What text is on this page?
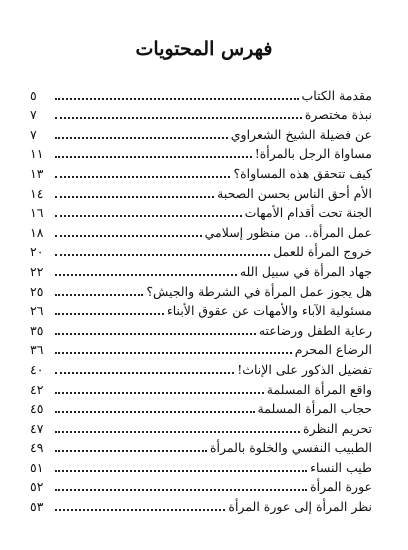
فهرس المحتويات
مقدمة الكتاب
٥
نبذة مختصرة
٧
عن فضيلة الشيخ الشعراوي
٧
مساواة الرجل بالمرأة!
١١
كيف تتحقق هذه المساواة؟
١٣
الأم أحق الناس بحسن الصحبة
١٤
الجنة تحت أقدام الأمهات
١٦
عمل المرأة.. من منظور إسلامي
١٨
خروج المرأة للعمل
٢٠
جهاد المرأة في سبيل الله
٢٢
هل يجوز عمل المرأة في الشرطة والجيش؟
٢٥
مسئولية الآباء والأمهات عن عقوق الأبناء
٢٦
رعاية الطفل ورضاعته
٣٥
الرضاع المحرم
٣٦
تفضيل الذكور على الإناث!
٤٠
واقع المرأة المسلمة
٤٢
حجاب المرأة المسلمة
٤٥
تحريم النظرة
٤٧
الطبيب النفسي والخلوة بالمرأة
٤٩
طيب النساء
٥١
عورة المرأة
٥٢
نظر المرأة إلى عورة المرأة
٥٣
